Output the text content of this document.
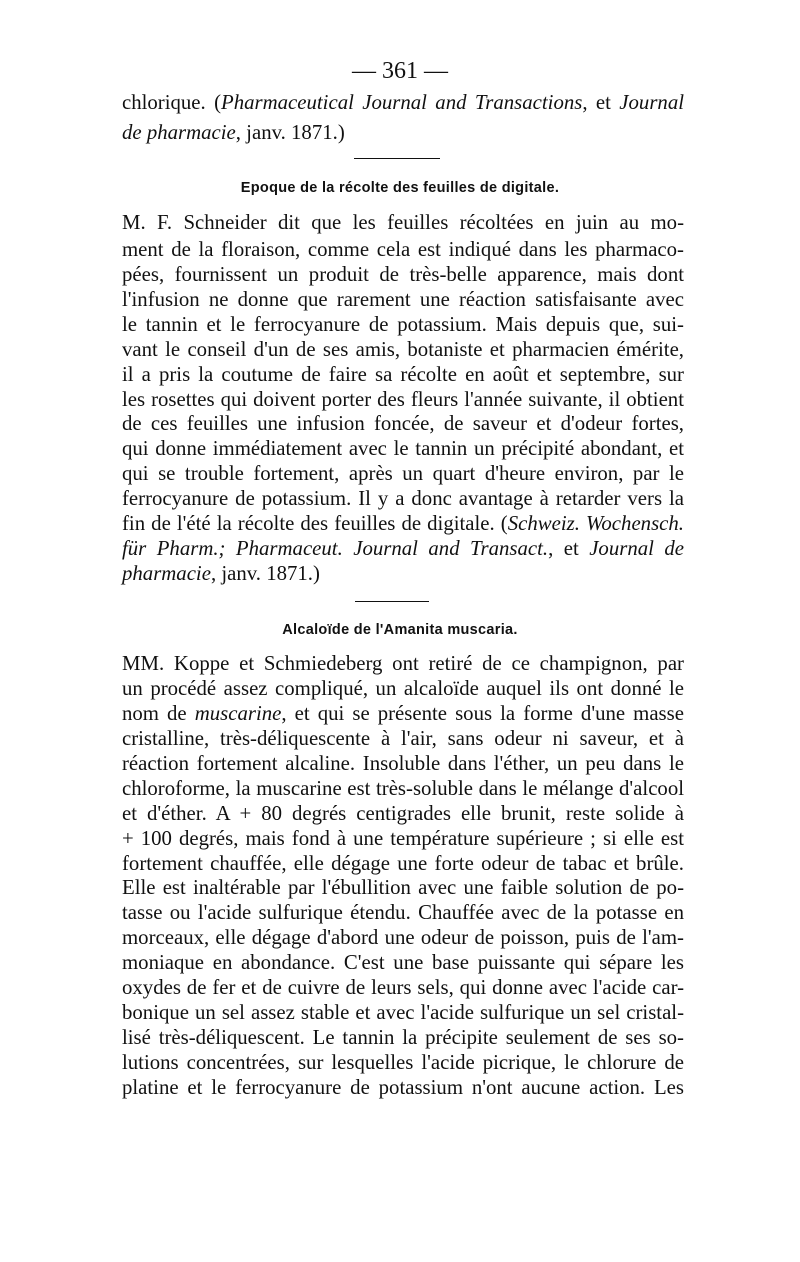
— 361 —
chlorique. (Pharmaceutical Journal and Transactions, et Journal
de pharmacie, janv. 1871.)
Epoque de la récolte des feuilles de digitale.
M. F. Schneider dit que les feuilles récoltées en juin au mo-
ment de la floraison, comme cela est indiqué dans les pharmaco-
pées, fournissent un produit de très-belle apparence, mais dont
l'infusion ne donne que rarement une réaction satisfaisante avec
le tannin et le ferrocyanure de potassium. Mais depuis que, sui-
vant le conseil d'un de ses amis, botaniste et pharmacien émérite,
il a pris la coutume de faire sa récolte en août et septembre, sur
les rosettes qui doivent porter des fleurs l'année suivante, il obtient
de ces feuilles une infusion foncée, de saveur et d'odeur fortes,
qui donne immédiatement avec le tannin un précipité abondant, et
qui se trouble fortement, après un quart d'heure environ, par le
ferrocyanure de potassium. Il y a donc avantage à retarder vers la
fin de l'été la récolte des feuilles de digitale. (Schweiz. Wochensch.
für Pharm.; Pharmaceut. Journal and Transact., et Journal de
pharmacie, janv. 1871.)
Alcaloïde de l'Amanita muscaria.
MM. Koppe et Schmiedeberg ont retiré de ce champignon, par
un procédé assez compliqué, un alcaloïde auquel ils ont donné le
nom de muscarine, et qui se présente sous la forme d'une masse
cristalline, très-déliquescente à l'air, sans odeur ni saveur, et à
réaction fortement alcaline. Insoluble dans l'éther, un peu dans le
chloroforme, la muscarine est très-soluble dans le mélange d'alcool
et d'éther. A + 80 degrés centigrades elle brunit, reste solide à
+ 100 degrés, mais fond à une température supérieure ; si elle est
fortement chauffée, elle dégage une forte odeur de tabac et brûle.
Elle est inaltérable par l'ébullition avec une faible solution de po-
tasse ou l'acide sulfurique étendu. Chauffée avec de la potasse en
morceaux, elle dégage d'abord une odeur de poisson, puis de l'am-
moniaque en abondance. C'est une base puissante qui sépare les
oxydes de fer et de cuivre de leurs sels, qui donne avec l'acide car-
bonique un sel assez stable et avec l'acide sulfurique un sel cristal-
lisé très-déliquescent. Le tannin la précipite seulement de ses so-
lutions concentrées, sur lesquelles l'acide picrique, le chlorure de
platine et le ferrocyanure de potassium n'ont aucune action. Les
